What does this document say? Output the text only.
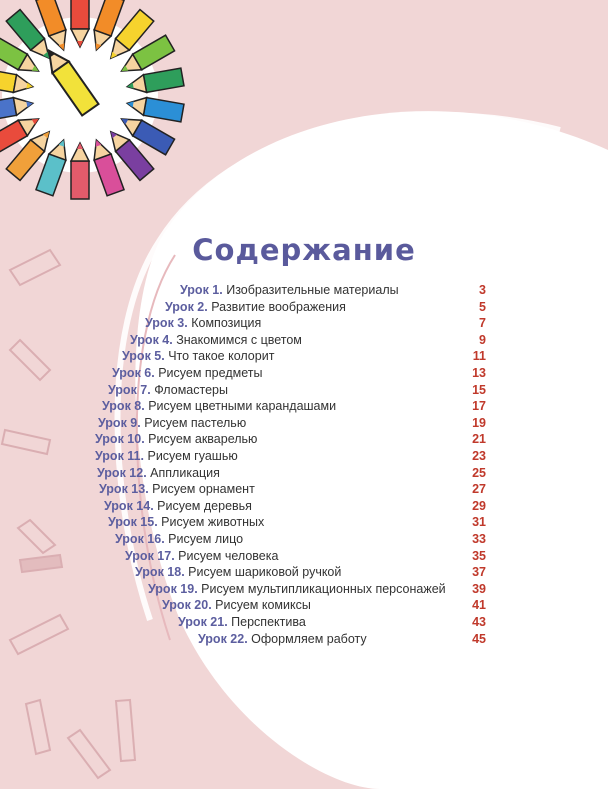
Содержание
Урок 1. Изобразительные материалы	3
Урок 2. Развитие воображения	5
Урок 3. Композиция	7
Урок 4. Знакомимся с цветом	9
Урок 5. Что такое колорит	11
Урок 6. Рисуем предметы	13
Урок 7. Фломастеры	15
Урок 8. Рисуем цветными карандашами	17
Урок 9. Рисуем пастелью	19
Урок 10. Рисуем акварелью	21
Урок 11. Рисуем гуашью	23
Урок 12. Аппликация	25
Урок 13. Рисуем орнамент	27
Урок 14. Рисуем деревья	29
Урок 15. Рисуем животных	31
Урок 16. Рисуем лицо	33
Урок 17. Рисуем человека	35
Урок 18. Рисуем шариковой ручкой	37
Урок 19. Рисуем мультипликационных персонажей	39
Урок 20. Рисуем комиксы	41
Урок 21. Перспектива	43
Урок 22. Оформляем работу	45
